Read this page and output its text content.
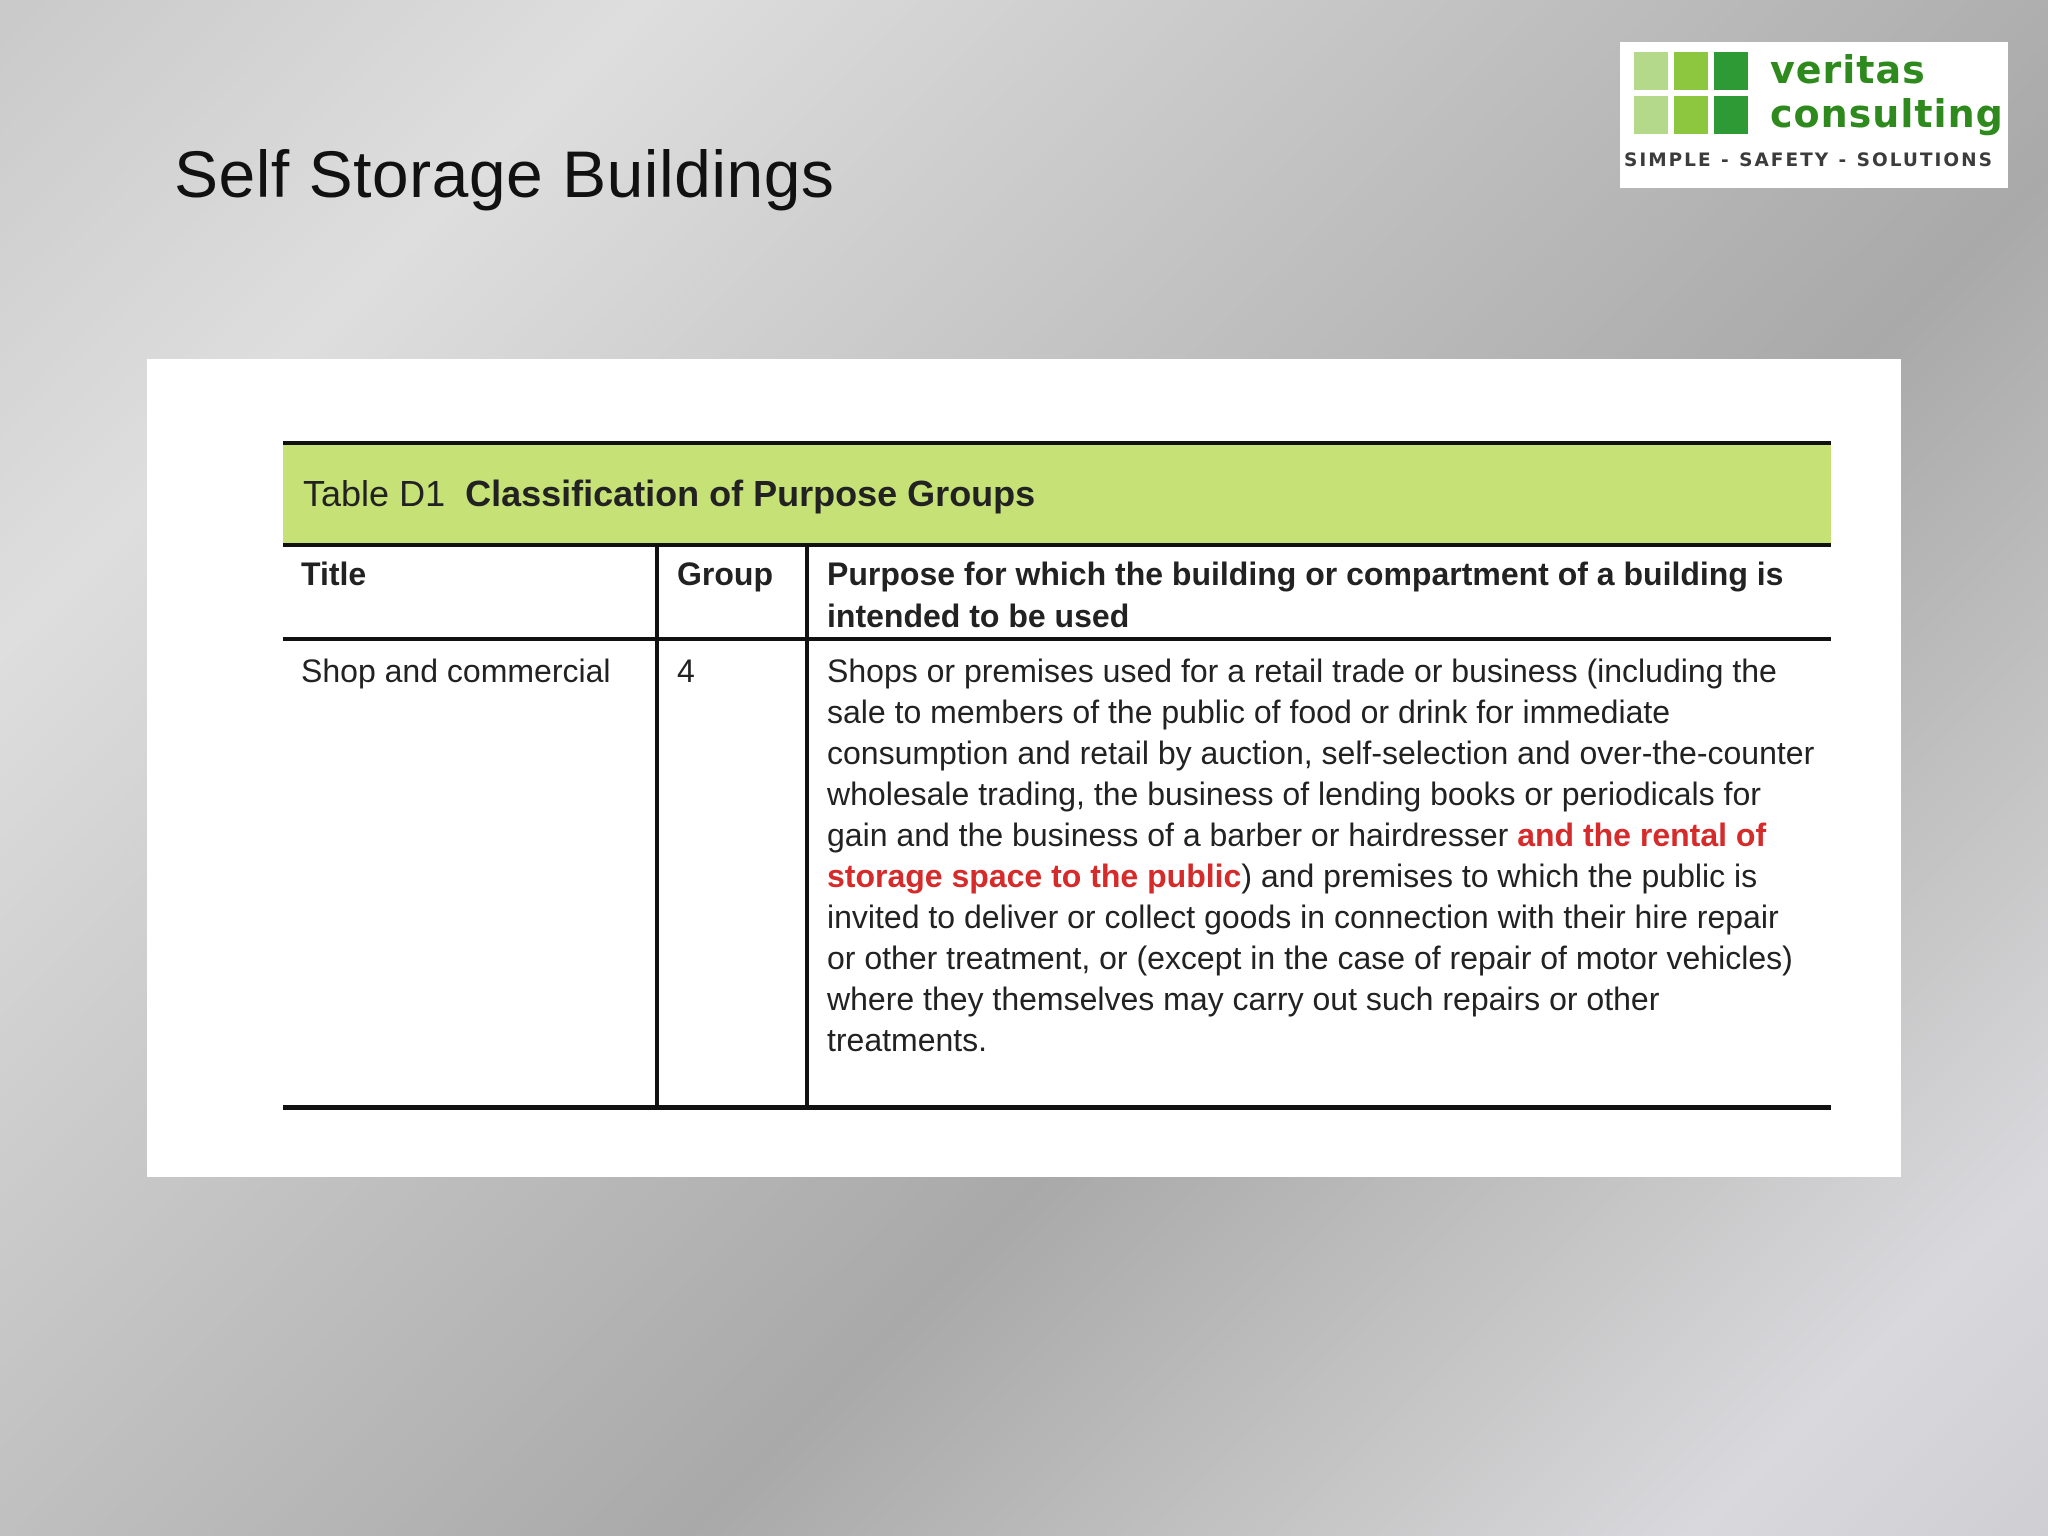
Self Storage Buildings
veritas
consulting
SIMPLE - SAFETY - SOLUTIONS
Table D1 Classification of Purpose Groups
Title	Group	Purpose for which the building or compartment of a building is intended to be used
Shop and commercial	4	Shops or premises used for a retail trade or business (including the sale to members of the public of food or drink for immediate consumption and retail by auction, self-selection and over-the-counter wholesale trading, the business of lending books or periodicals for gain and the business of a barber or hairdresser and the rental of storage space to the public) and premises to which the public is invited to deliver or collect goods in connection with their hire repair or other treatment, or (except in the case of repair of motor vehicles) where they themselves may carry out such repairs or other treatments.
